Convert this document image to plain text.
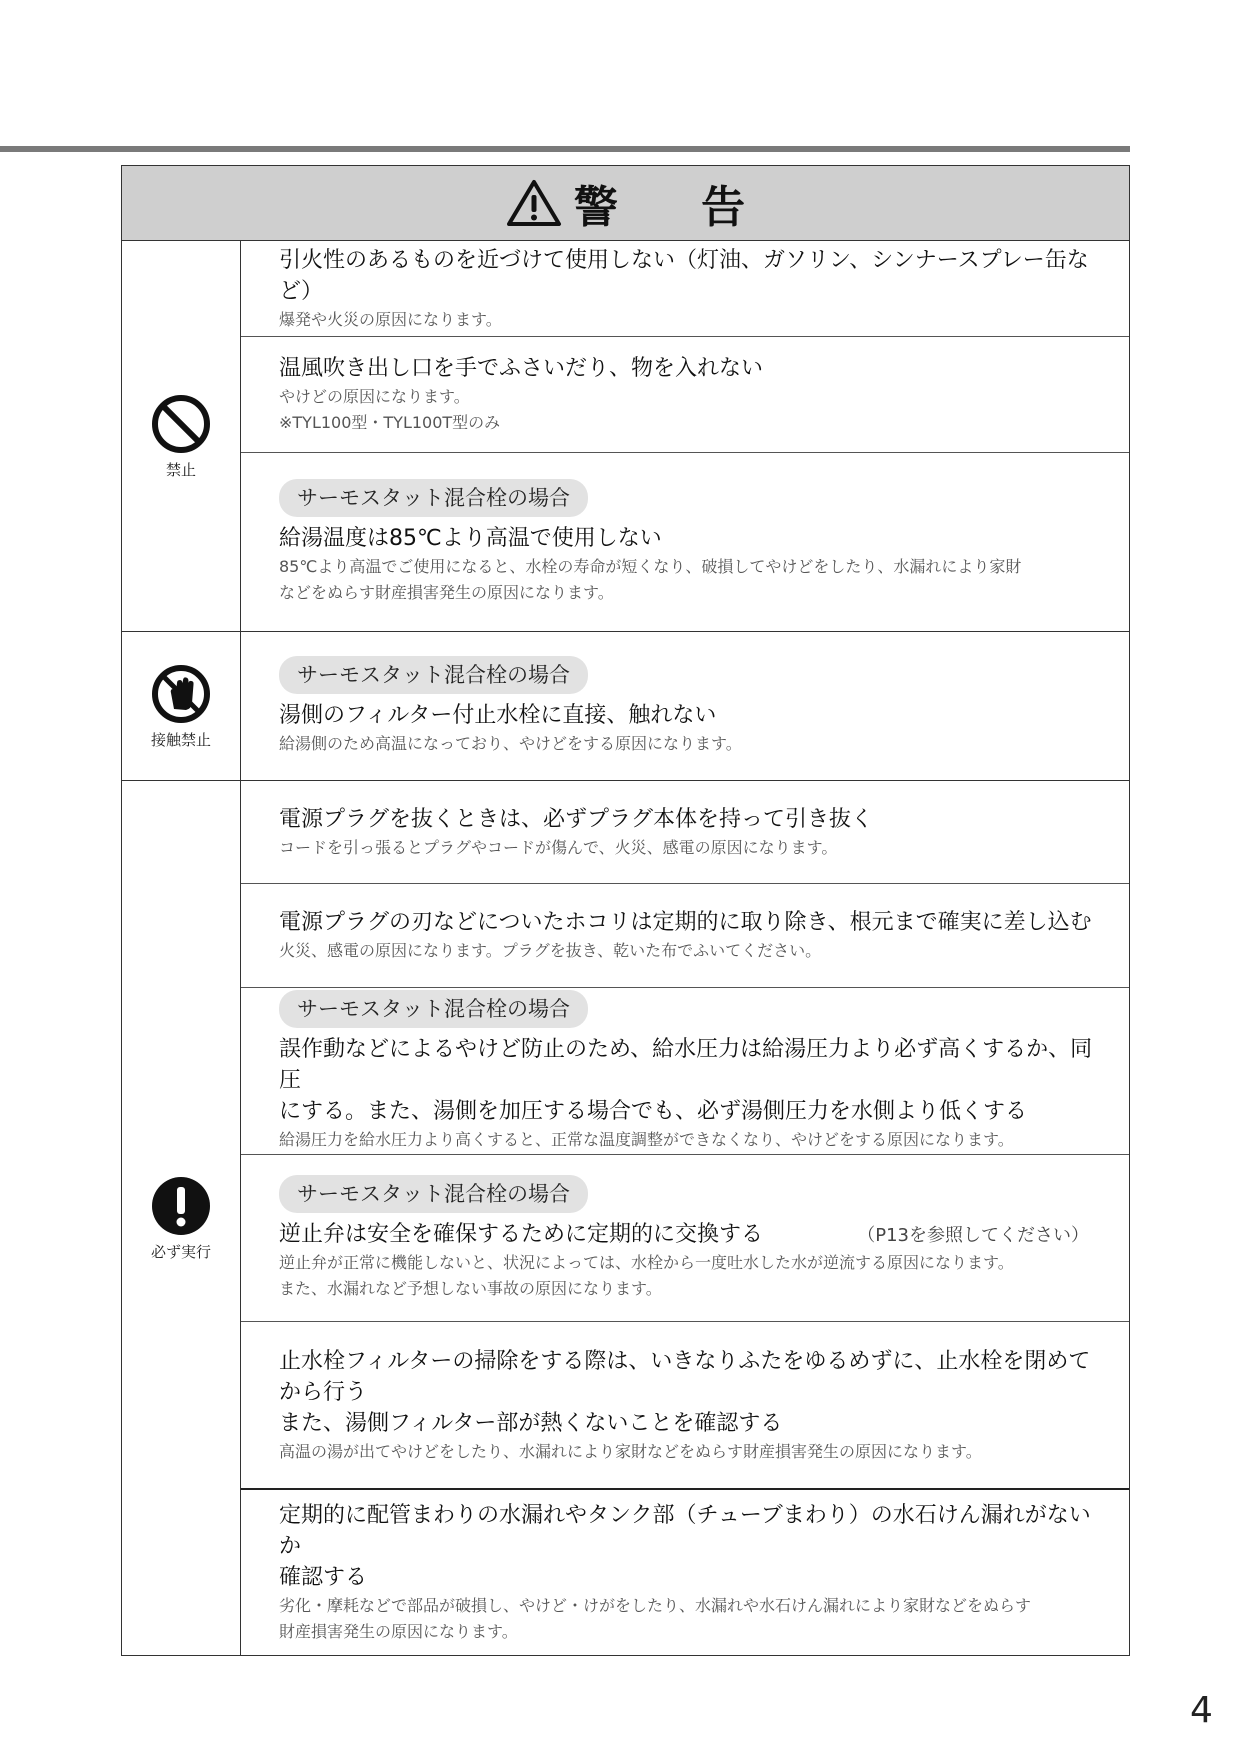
警 告
禁止
引火性のあるものを近づけて使用しない（灯油、ガソリン、シンナースプレー缶など）
爆発や火災の原因になります。
温風吹き出し口を手でふさいだり、物を入れない
やけどの原因になります。
※TYL100型・TYL100T型のみ
サーモスタット混合栓の場合
給湯温度は85℃より高温で使用しない
85℃より高温でご使用になると、水栓の寿命が短くなり、破損してやけどをしたり、水漏れにより家財
などをぬらす財産損害発生の原因になります。
接触禁止
サーモスタット混合栓の場合
湯側のフィルター付止水栓に直接、触れない
給湯側のため高温になっており、やけどをする原因になります。
必ず実行
電源プラグを抜くときは、必ずプラグ本体を持って引き抜く
コードを引っ張るとプラグやコードが傷んで、火災、感電の原因になります。
電源プラグの刃などについたホコリは定期的に取り除き、根元まで確実に差し込む
火災、感電の原因になります。プラグを抜き、乾いた布でふいてください。
サーモスタット混合栓の場合
誤作動などによるやけど防止のため、給水圧力は給湯圧力より必ず高くするか、同圧
にする。また、湯側を加圧する場合でも、必ず湯側圧力を水側より低くする
給湯圧力を給水圧力より高くすると、正常な温度調整ができなくなり、やけどをする原因になります。
サーモスタット混合栓の場合
逆止弁は安全を確保するために定期的に交換する	（P13を参照してください）
逆止弁が正常に機能しないと、状況によっては、水栓から一度吐水した水が逆流する原因になります。
また、水漏れなど予想しない事故の原因になります。
止水栓フィルターの掃除をする際は、いきなりふたをゆるめずに、止水栓を閉めて
から行う
また、湯側フィルター部が熱くないことを確認する
高温の湯が出てやけどをしたり、水漏れにより家財などをぬらす財産損害発生の原因になります。
定期的に配管まわりの水漏れやタンク部（チューブまわり）の水石けん漏れがないか
確認する
劣化・摩耗などで部品が破損し、やけど・けがをしたり、水漏れや水石けん漏れにより家財などをぬらす
財産損害発生の原因になります。
4
